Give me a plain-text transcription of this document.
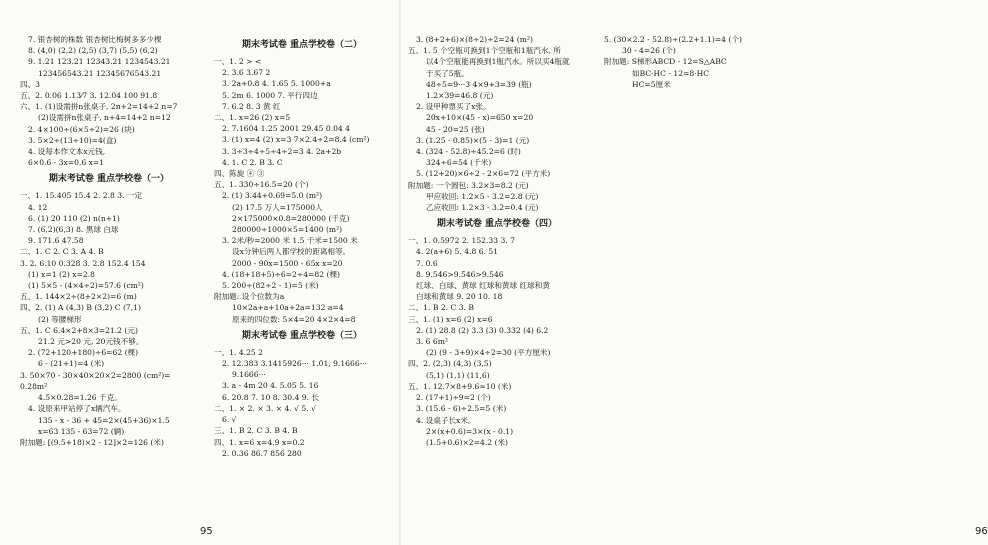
7. 银杏树的株数 银杏树比梅树多多少棵
8. (4,0) (2,2) (2,5) (3,7) (5,5) (6,2)
9. 1.21 123.21 12343.21 1234543.21
123456543.21 12345676543.21
四、3
五、2. 0.06 1.13⁄7 3. 12.04 100 91.8
六、1. (1)设需拼n张桌子, 2n+2=14+2 n=7
(2)设需拼n张桌子, n+4=14+2 n=12
2. 4×100÷(6×5÷2)=26 (块)
3. 5×2÷(13÷10)=4(盒)
4. 设每本作文本x元钱,
6×0.6 - 3x=0.6 x=1
期末考试卷 重点学校卷（一）
一、1. 15.405 15.4 2. 2.8 3. 一定
4. 12
6. (1) 20 110 (2) n(n+1)
7. (6,2)(6,3) 8. 黑球 白球
9. 171.6 47.58
二、1. C 2. C 3. A 4. B
3. 2. 6.10 0.328 3. 2.8 152.4 154
(1) x=1 (2) x=2.8
(1) 5×5 - (4×4÷2)=57.6 (cm²)
五、1. 144×2÷(8+2×2)=6 (m)
四、2. (1) A (4,3) B (3,2) C (7,1)
(2) 等腰梯形
五、1. C 6.4×2+8×3=21.2 (元)
21.2 元>20 元, 20元钱不够。
2. (72+120+180)÷6=62 (棵)
6 - (21+1)=4 (米)
3. 50×70 - 30×40×20×2=2800 (cm²)=
0.28m²
4.5×0.28=1.26 千克。
4. 设原来甲站停了x辆汽车。
135 - x - 36 + 45=2×(45+36)×1.5
x=63 135 - 63=72 (辆)
附加题: [(9.5+18)×2 - 12]×2=126 (米)
期末考试卷 重点学校卷（二）
一、1. 2 > <
2. 3.6 3.67 2
3. 2a+0.8 4. 1.65 5. 1000+a
5. 2m 6. 1000 7. 平行四边
7. 6.2 8. 3 黄 红
二、1. x=26 (2) x=5
2. 7.1604 1.25 2001 29.45 0.04 4
3. (1) x=4 (2) x=3 7×2.4÷2=8.4 (cm²)
3. 3÷3÷4÷5÷4÷2=3 4. 2a+2b
4. 1. C 2. B 3. C
四、陈旋 ④ ③
五、1. 330÷16.5=20 (个)
2. (1) 3.44+0.69=5.0 (m²)
(2) 17.5 万人=175000人
2×175000×0.8=280000 (千克)
280000÷1000×5=1400 (m²)
3. 2米/秒=2000 米 1.5 千米=1500 米
设x分钟后两人都学校的距离相等。
2000 - 90x=1500 - 65x x=20
4. (18+18+5)÷6=2÷4=82 (棵)
5. 200÷(82÷2 - 1)=5 (米)
附加题: 设个位数为a
10×2a+a+10a+2a=132 a=4
原来的四位数: 5×4=20 4×2×4=8
期末考试卷 重点学校卷（三）
一、1. 4.25 2
2. 12.383 3.1415926··· 1.0̇1, 9.1666···
9.1666···
3. a - 4m 20 4. 5.05 5. 16
6. 20.8 7. 10 8. 30.4 9. 长
二、1. × 2. × 3. × 4. √ 5. √
6. √
三、1. B 2. C 3. B 4. B
四、1. x=6 x=4.9 x=0.2
2. 0.36 86.7 856 280
95	96
3. (8+2+6)×(8÷2)÷2=24 (m²)
五、1. 5 个空瓶可换到1个空瓶和1瓶汽水, 所
以4个空瓶能再换到1瓶汽水。所以买4瓶就
于买了5瓶。
48÷5=9···3 4×9+3=39 (瓶)
1.2×39=46.8 (元)
2. 设甲种票买了x张。
20x+10×(45 - x)=650 x=20
45 - 20=25 (张)
3. (1.25 - 0.85)×(5 - 3)=1 (元)
4. (324 - 52.8)÷45.2=6 (时)
324÷6=54 (千米)
5. (12+20)×6÷2 - 2×6=72 (平方米)
附加题: 一个圆包: 3.2×3=8.2 (元)
甲应收回: 1.2×5 - 3.2=2.8 (元)
乙应收回: 1.2×3 - 3.2=0.4 (元)
期末考试卷 重点学校卷（四）
一、1. 0.5972 2. 152.33 3. 7
4. 2(a+6) 5. 4.8 6. 51
7. 0.6
8. 9.54̇6>9.5̇46>9.54̇6
红球、白球、黄球 红球和黄球 红球和黄
白球和黄球 9. 20 10. 18
二、1. B 2. C 3. B
三、1. (1) x=6 (2) x=6
2. (1) 28.8 (2) 3.3 (3) 0.332 (4) 6.2
3. 6 6m²
(2) (9 - 3+9)×4÷2=30 (平方厘米)
四、2. (2,3) (4,3) (3,5)
(5,1) (1,1) (11,6)
五、1. 12.7×8+9.6≈10 (米)
2. (17+1)÷9=2 (个)
3. (15.6 - 6)÷2.5=5 (米)
4. 设桌子长x米。
2×(x+0.6)=3×(x - 0.1)
(1.5+0.6)×2=4.2 (米)
5. (30×2.2 - 52.8)÷(2.2+1.1)=4 (个)
30 - 4=26 (个)
附加题: S梯形ABCD - 12=S△ABC
如BC·HC - 12=8·HC
HC=5厘米
